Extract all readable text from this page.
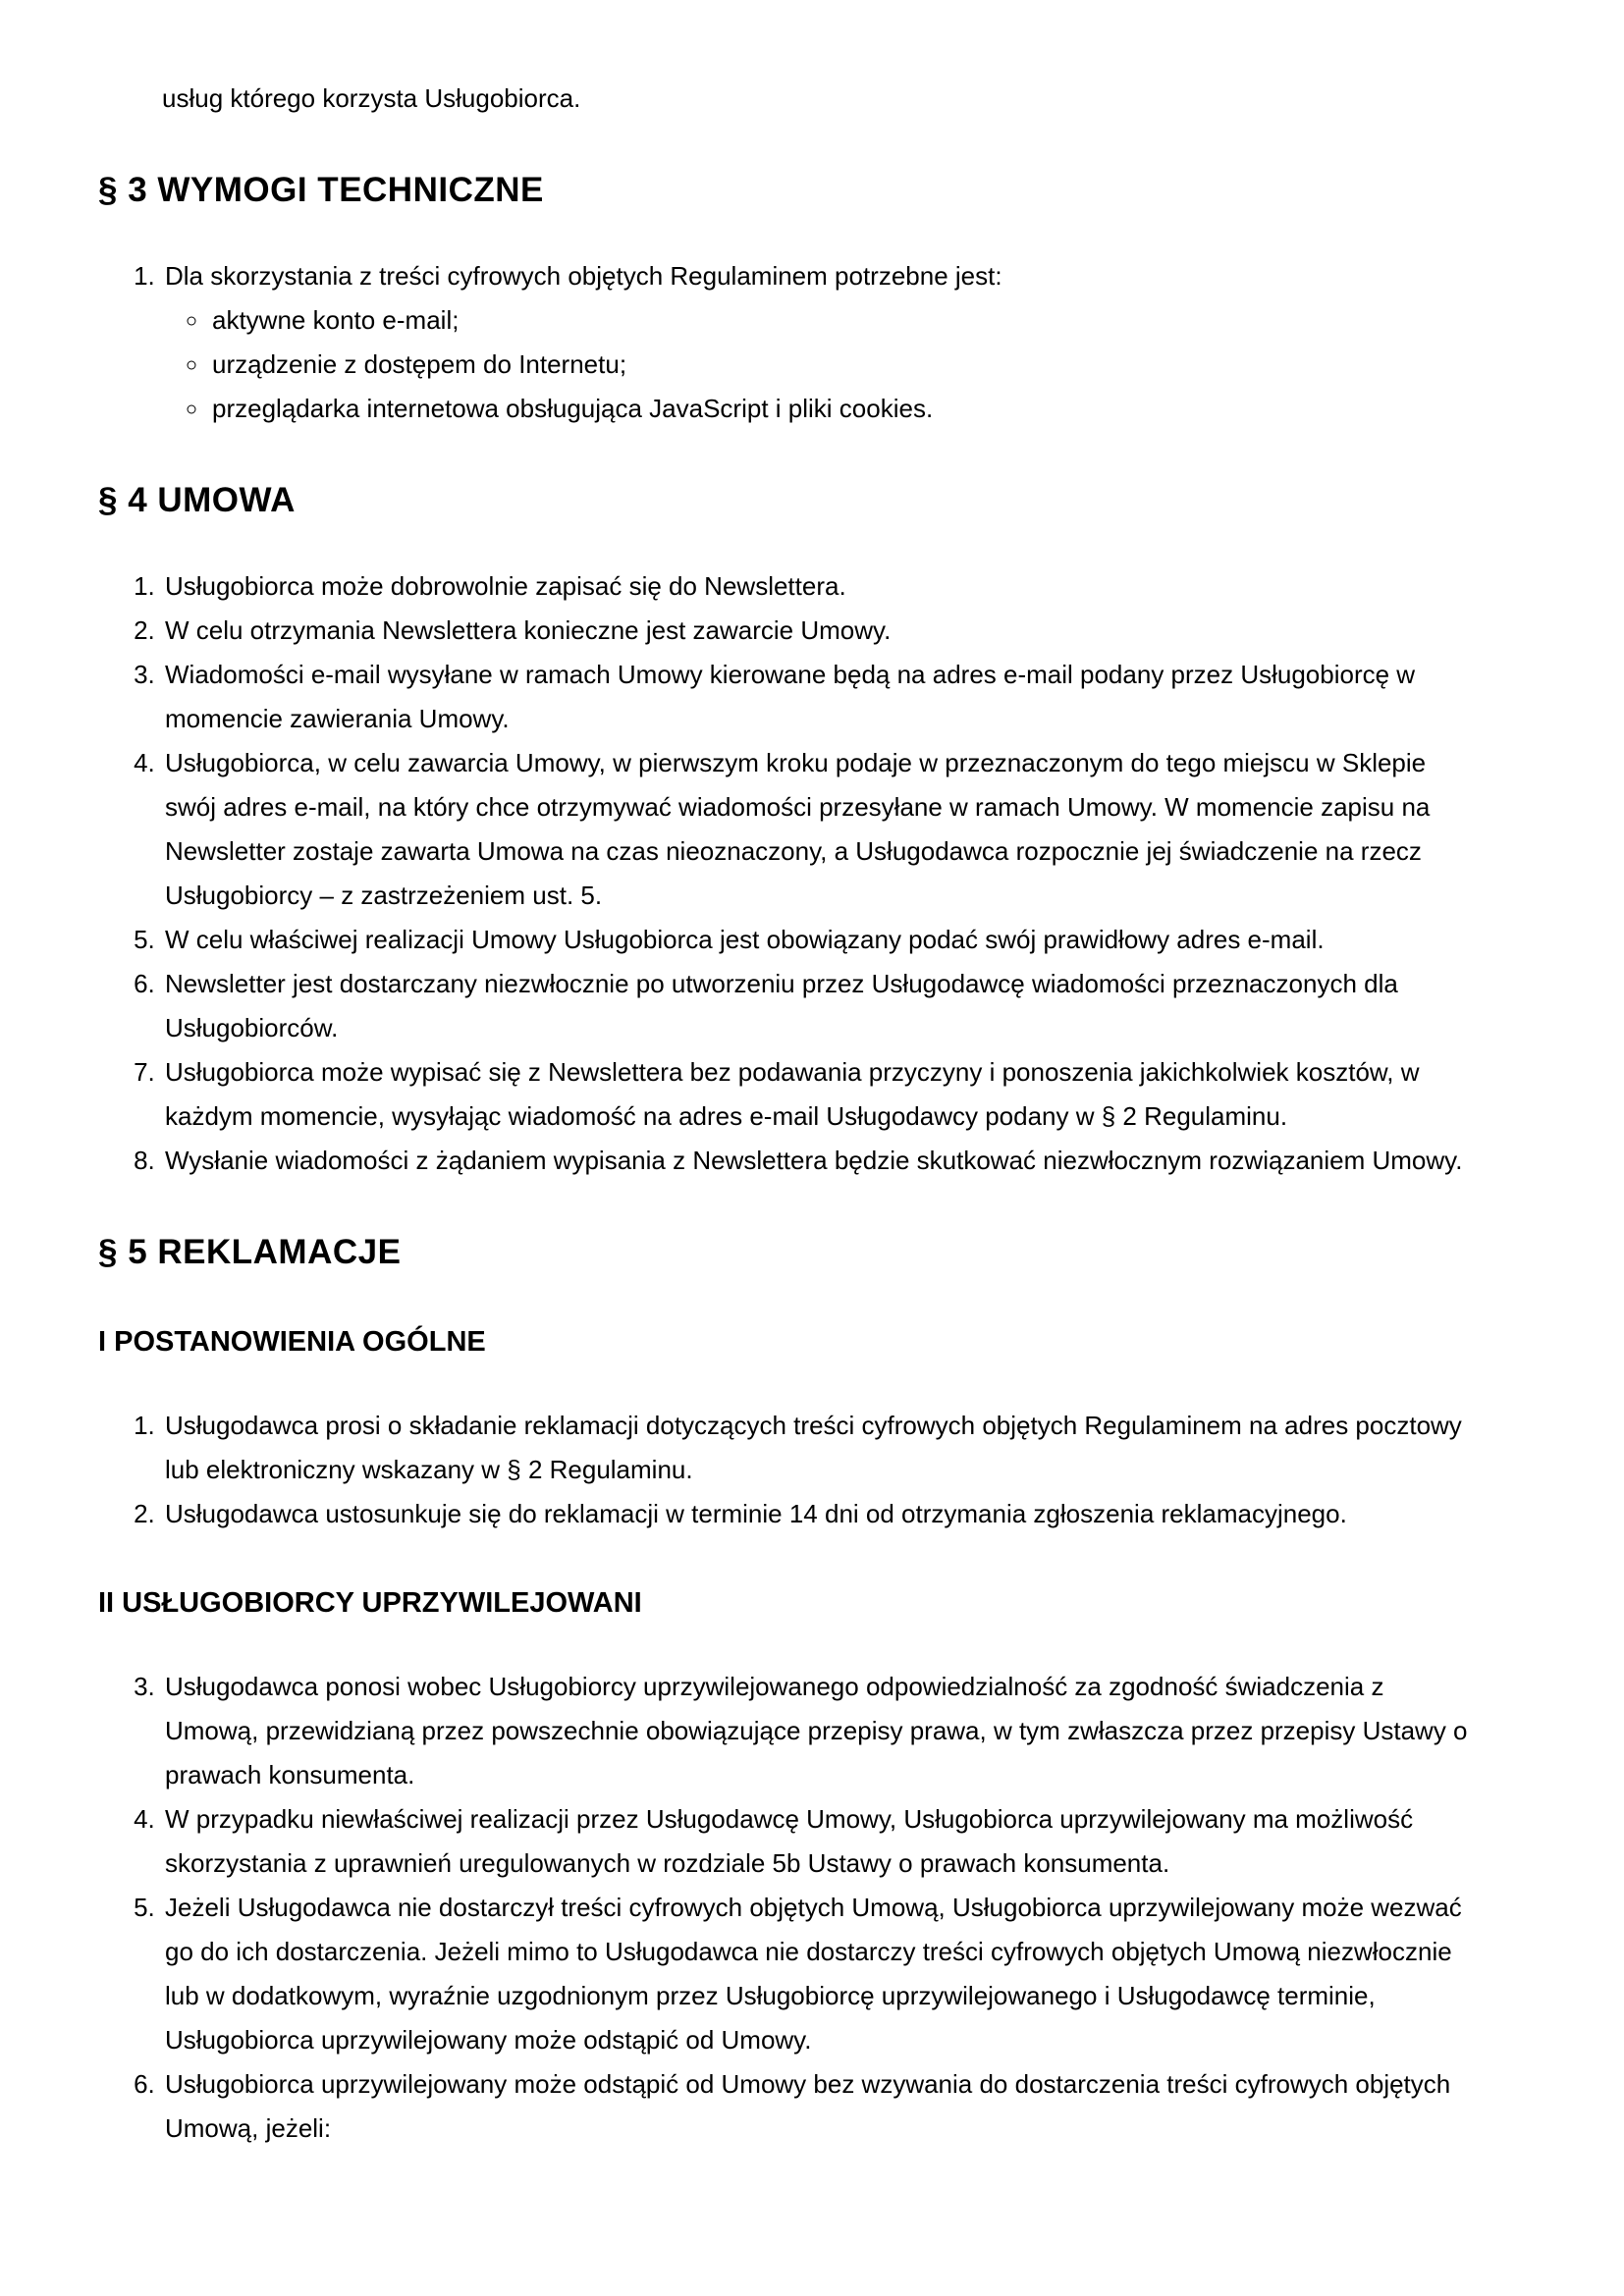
usług którego korzysta Usługobiorca.

§ 3 WYMOGI TECHNICZNE
1. Dla skorzystania z treści cyfrowych objętych Regulaminem potrzebne jest:
◦ aktywne konto e-mail;
◦ urządzenie z dostępem do Internetu;
◦ przeglądarka internetowa obsługująca JavaScript i pliki cookies.
§ 4 UMOWA
1. Usługobiorca może dobrowolnie zapisać się do Newslettera.
2. W celu otrzymania Newslettera konieczne jest zawarcie Umowy.
3. Wiadomości e-mail wysyłane w ramach Umowy kierowane będą na adres e-mail podany przez Usługobiorcę w momencie zawierania Umowy.
4. Usługobiorca, w celu zawarcia Umowy, w pierwszym kroku podaje w przeznaczonym do tego miejscu w Sklepie swój adres e-mail, na który chce otrzymywać wiadomości przesyłane w ramach Umowy. W momencie zapisu na Newsletter zostaje zawarta Umowa na czas nieoznaczony, a Usługodawca rozpocznie jej świadczenie na rzecz Usługobiorcy – z zastrzeżeniem ust. 5.
5. W celu właściwej realizacji Umowy Usługobiorca jest obowiązany podać swój prawidłowy adres e-mail.
6. Newsletter jest dostarczany niezwłocznie po utworzeniu przez Usługodawcę wiadomości przeznaczonych dla Usługobiorców.
7. Usługobiorca może wypisać się z Newslettera bez podawania przyczyny i ponoszenia jakichkolwiek kosztów, w każdym momencie, wysyłając wiadomość na adres e-mail Usługodawcy podany w § 2 Regulaminu.
8. Wysłanie wiadomości z żądaniem wypisania z Newslettera będzie skutkować niezwłocznym rozwiązaniem Umowy.
§ 5 REKLAMACJE
I POSTANOWIENIA OGÓLNE
1. Usługodawca prosi o składanie reklamacji dotyczących treści cyfrowych objętych Regulaminem na adres pocztowy lub elektroniczny wskazany w § 2 Regulaminu.
2. Usługodawca ustosunkuje się do reklamacji w terminie 14 dni od otrzymania zgłoszenia reklamacyjnego.
II USŁUGOBIORCY UPRZYWILEJOWANI
3. Usługodawca ponosi wobec Usługobiorcy uprzywilejowanego odpowiedzialność za zgodność świadczenia z Umową, przewidzianą przez powszechnie obowiązujące przepisy prawa, w tym zwłaszcza przez przepisy Ustawy o prawach konsumenta.
4. W przypadku niewłaściwej realizacji przez Usługodawcę Umowy, Usługobiorca uprzywilejowany ma możliwość skorzystania z uprawnień uregulowanych w rozdziale 5b Ustawy o prawach konsumenta.
5. Jeżeli Usługodawca nie dostarczył treści cyfrowych objętych Umową, Usługobiorca uprzywilejowany może wezwać go do ich dostarczenia. Jeżeli mimo to Usługodawca nie dostarczy treści cyfrowych objętych Umową niezwłocznie lub w dodatkowym, wyraźnie uzgodnionym przez Usługobiorcę uprzywilejowanego i Usługodawcę terminie, Usługobiorca uprzywilejowany może odstąpić od Umowy.
6. Usługobiorca uprzywilejowany może odstąpić od Umowy bez wzywania do dostarczenia treści cyfrowych objętych Umową, jeżeli:
